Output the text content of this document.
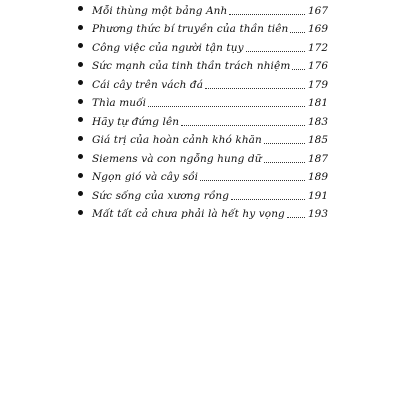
Mỗi thùng một bảng Anh	167
Phương thức bí truyền của thần tiên 169
Công việc của người tận tụy	172
Sức mạnh của tinh thần trách nhiệm 176
Cái cây trên vách đá	179
Thìa muối	181
Hãy tự đứng lên	183
Giá trị của hoàn cảnh khó khăn	185
Siemens và con ngỗng hung dữ	187
Ngọn gió và cây sồi	189
Sức sống của xương rồng	191
Mất tất cả chưa phải là hết hy vọng 193
